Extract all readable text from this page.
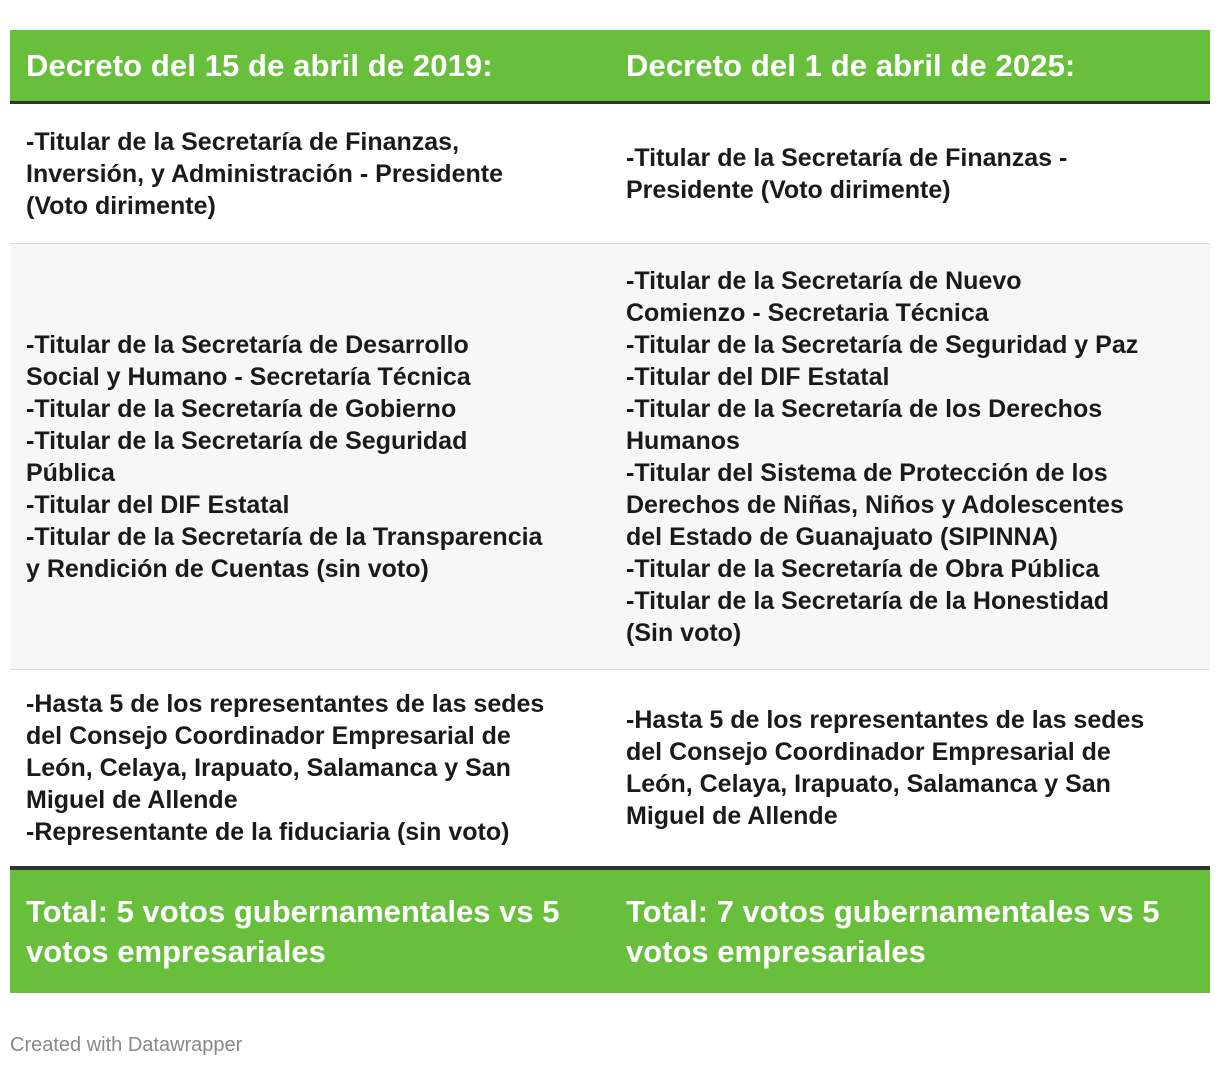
Decreto del 15 de abril de 2019:	Decreto del 1 de abril de 2025:
-Titular de la Secretaría de Finanzas,
Inversión, y Administración - Presidente
(Voto dirimente)
-Titular de la Secretaría de Finanzas -
Presidente (Voto dirimente)
-Titular de la Secretaría de Desarrollo
Social y Humano - Secretaría Técnica
-Titular de la Secretaría de Gobierno
-Titular de la Secretaría de Seguridad
Pública
-Titular del DIF Estatal
-Titular de la Secretaría de la Transparencia
y Rendición de Cuentas (sin voto)
-Titular de la Secretaría de Nuevo
Comienzo - Secretaria Técnica
-Titular de la Secretaría de Seguridad y Paz
-Titular del DIF Estatal
-Titular de la Secretaría de los Derechos
Humanos
-Titular del Sistema de Protección de los
Derechos de Niñas, Niños y Adolescentes
del Estado de Guanajuato (SIPINNA)
-Titular de la Secretaría de Obra Pública
-Titular de la Secretaría de la Honestidad
(Sin voto)
-Hasta 5 de los representantes de las sedes
del Consejo Coordinador Empresarial de
León, Celaya, Irapuato, Salamanca y San
Miguel de Allende
-Representante de la fiduciaria (sin voto)
-Hasta 5 de los representantes de las sedes
del Consejo Coordinador Empresarial de
León, Celaya, Irapuato, Salamanca y San
Miguel de Allende
Total: 5 votos gubernamentales vs 5
votos empresariales
Total: 7 votos gubernamentales vs 5
votos empresariales
Created with Datawrapper
